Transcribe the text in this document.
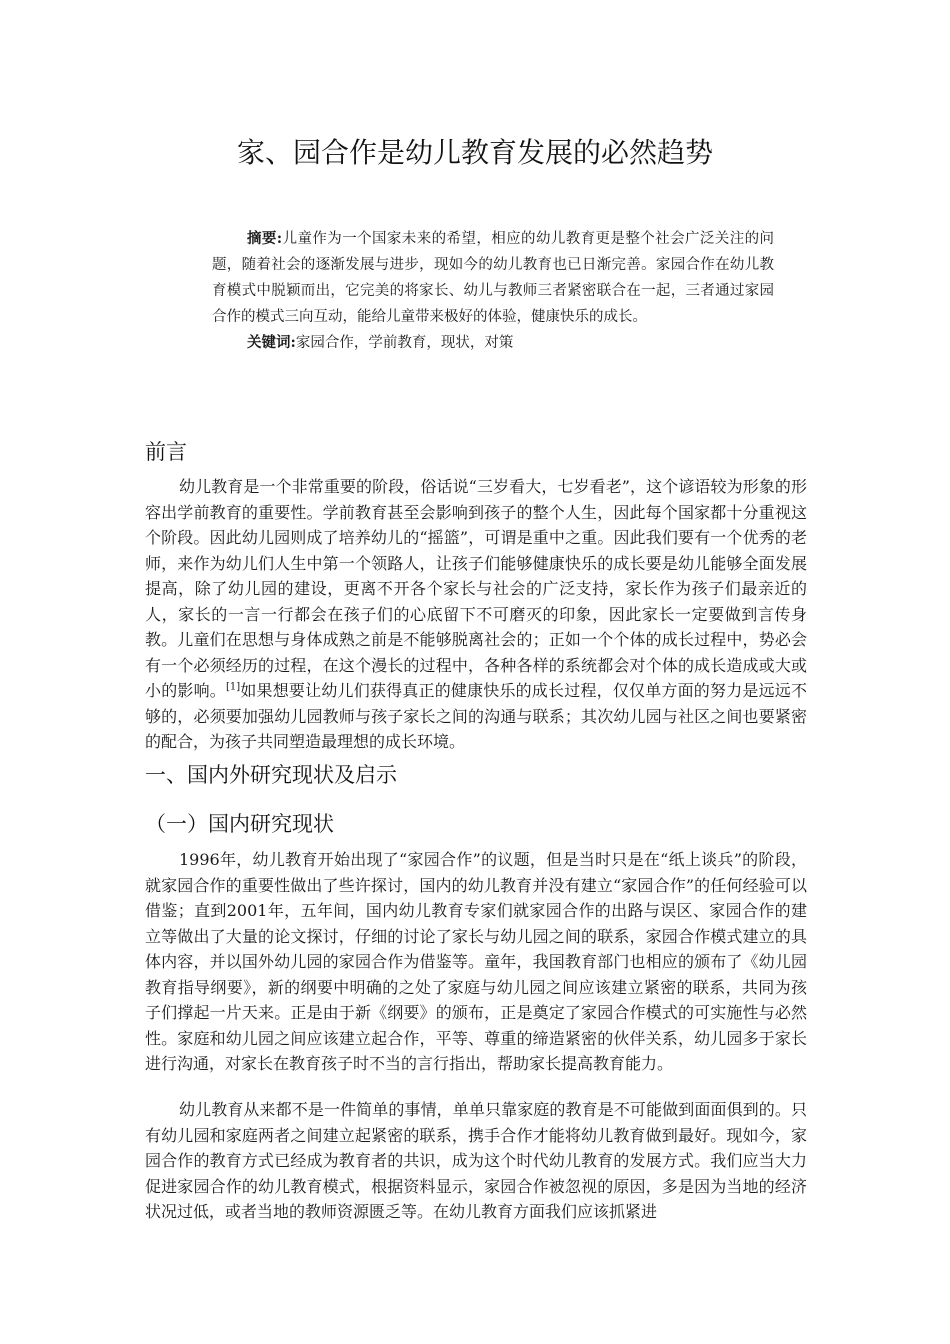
家、园合作是幼儿教育发展的必然趋势

摘要:儿童作为一个国家未来的希望，相应的幼儿教育更是整个社会广泛关注的问题，随着社会的逐渐发展与进步，现如今的幼儿教育也已日渐完善。家园合作在幼儿教育模式中脱颖而出，它完美的将家长、幼儿与教师三者紧密联合在一起，三者通过家园合作的模式三向互动，能给儿童带来极好的体验，健康快乐的成长。

关键词:家园合作，学前教育，现状，对策

前言

幼儿教育是一个非常重要的阶段，俗话说“三岁看大，七岁看老”，这个谚语较为形象的形容出学前教育的重要性。学前教育甚至会影响到孩子的整个人生，因此每个国家都十分重视这个阶段。因此幼儿园则成了培养幼儿的“摇篮”，可谓是重中之重。因此我们要有一个优秀的老师，来作为幼儿们人生中第一个领路人，让孩子们能够健康快乐的成长要是幼儿能够全面发展提高，除了幼儿园的建设，更离不开各个家长与社会的广泛支持，家长作为孩子们最亲近的人，家长的一言一行都会在孩子们的心底留下不可磨灭的印象，因此家长一定要做到言传身教。儿童们在思想与身体成熟之前是不能够脱离社会的；正如一个个体的成长过程中，势必会有一个必须经历的过程，在这个漫长的过程中，各种各样的系统都会对个体的成长造成或大或小的影响。[1]如果想要让幼儿们获得真正的健康快乐的成长过程，仅仅单方面的努力是远远不够的，必须要加强幼儿园教师与孩子家长之间的沟通与联系；其次幼儿园与社区之间也要紧密的配合，为孩子共同塑造最理想的成长环境。

一、国内外研究现状及启示
（一）国内研究现状

1996年，幼儿教育开始出现了“家园合作”的议题，但是当时只是在“纸上谈兵”的阶段，就家园合作的重要性做出了些许探讨，国内的幼儿教育并没有建立“家园合作”的任何经验可以借鉴；直到2001年，五年间，国内幼儿教育专家们就家园合作的出路与误区、家园合作的建立等做出了大量的论文探讨，仔细的讨论了家长与幼儿园之间的联系，家园合作模式建立的具体内容，并以国外幼儿园的家园合作为借鉴等。童年，我国教育部门也相应的颁布了《幼儿园教育指导纲要》，新的纲要中明确的之处了家庭与幼儿园之间应该建立紧密的联系，共同为孩子们撑起一片天来。正是由于新《纲要》的颁布，正是奠定了家园合作模式的可实施性与必然性。家庭和幼儿园之间应该建立起合作，平等、尊重的缔造紧密的伙伴关系，幼儿园多于家长进行沟通，对家长在教育孩子时不当的言行指出，帮助家长提高教育能力。

幼儿教育从来都不是一件简单的事情，单单只靠家庭的教育是不可能做到面面俱到的。只有幼儿园和家庭两者之间建立起紧密的联系，携手合作才能将幼儿教育做到最好。现如今，家园合作的教育方式已经成为教育者的共识，成为这个时代幼儿教育的发展方式。我们应当大力促进家园合作的幼儿教育模式，根据资料显示，家园合作被忽视的原因，多是因为当地的经济状况过低，或者当地的教师资源匮乏等。在幼儿教育方面我们应该抓紧进
